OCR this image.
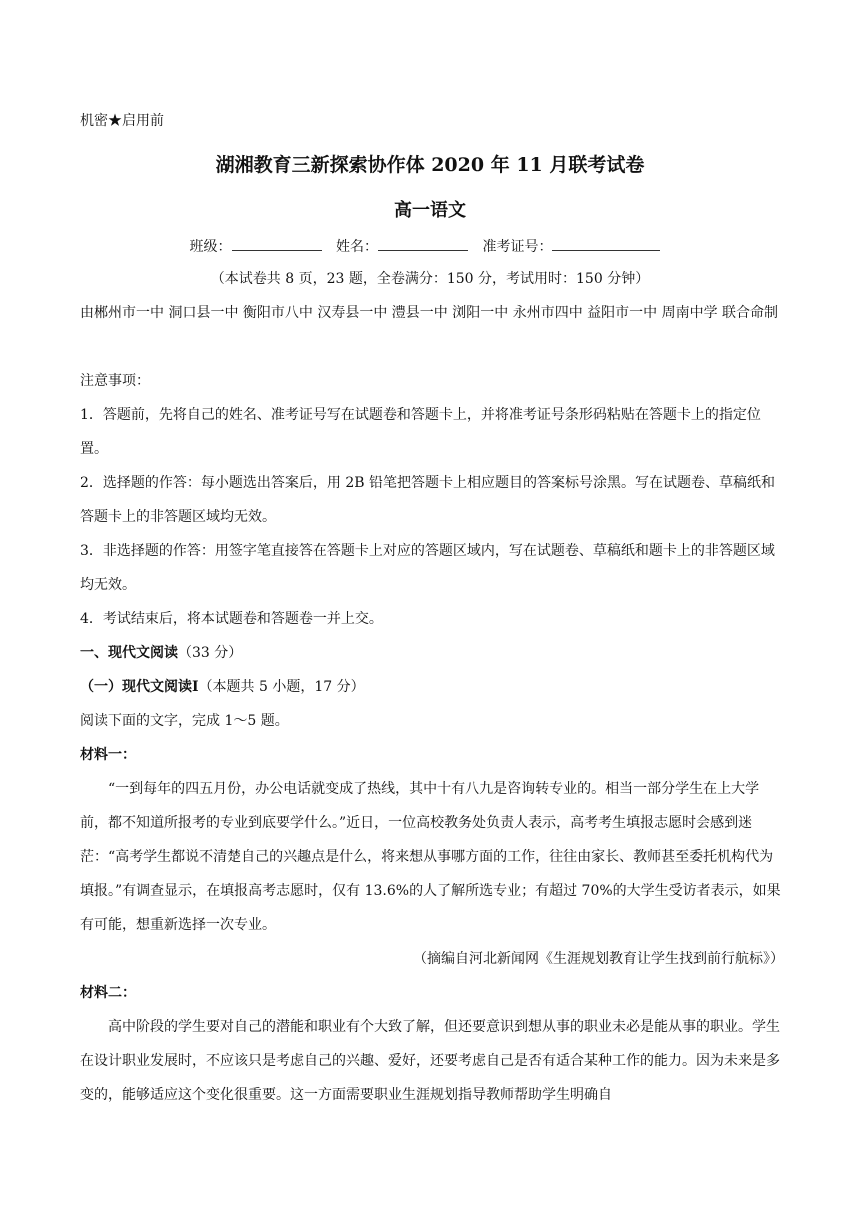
机密★启用前
湖湘教育三新探索协作体 2020 年 11 月联考试卷
高一语文
班级：	姓名：	准考证号：
（本试卷共 8 页，23 题，全卷满分：150 分，考试用时：150 分钟）
由郴州市一中 洞口县一中 衡阳市八中 汉寿县一中 澧县一中 浏阳一中 永州市四中 益阳市一中 周南中学 联合命制
注意事项：
1．答题前，先将自己的姓名、准考证号写在试题卷和答题卡上，并将准考证号条形码粘贴在答题卡上的指定位置。
2．选择题的作答：每小题选出答案后，用 2B 铅笔把答题卡上相应题目的答案标号涂黑。写在试题卷、草稿纸和答题卡上的非答题区域均无效。
3．非选择题的作答：用签字笔直接答在答题卡上对应的答题区域内，写在试题卷、草稿纸和题卡上的非答题区域均无效。
4．考试结束后，将本试题卷和答题卷一并上交。
一、现代文阅读（33 分）
（一）现代文阅读Ⅰ（本题共 5 小题，17 分）
阅读下面的文字，完成 1～5 题。
材料一：
“一到每年的四五月份，办公电话就变成了热线，其中十有八九是咨询转专业的。相当一部分学生在上大学前，都不知道所报考的专业到底要学什么。”近日，一位高校教务处负责人表示，高考考生填报志愿时会感到迷茫：“高考学生都说不清楚自己的兴趣点是什么，将来想从事哪方面的工作，往往由家长、教师甚至委托机构代为填报。”有调查显示，在填报高考志愿时，仅有 13.6%的人了解所选专业；有超过 70%的大学生受访者表示，如果有可能，想重新选择一次专业。
（摘编自河北新闻网《生涯规划教育让学生找到前行航标》）
材料二：
高中阶段的学生要对自己的潜能和职业有个大致了解，但还要意识到想从事的职业未必是能从事的职业。学生在设计职业发展时，不应该只是考虑自己的兴趣、爱好，还要考虑自己是否有适合某种工作的能力。因为未来是多变的，能够适应这个变化很重要。这一方面需要职业生涯规划指导教师帮助学生明确自
